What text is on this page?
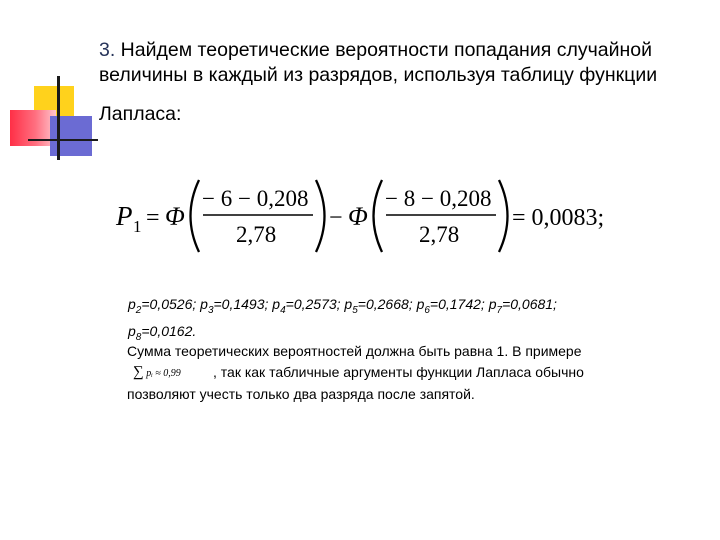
3. Найдем теоретические вероятности попадания случайной
величины в каждый из разрядов, используя таблицу функции
Лапласа:
P 1 = Φ
− 6 − 0,208
2,78
− Φ
− 8 − 0,208
2,78
= 0,0083;
$p_2=0,0526$; $p_3=0,1493$; $p_4=0,2573$; $p_5=0,2668$; $p_6=0,1742$; $p_7=0,0681$;
$p_8=0,0162$.
Сумма теоретических вероятностей должна быть равна 1. В примере
∑ pᵢ ≈ 0,99 , так как табличные аргументы функции Лапласа обычно
позволяют учесть только два разряда после запятой.
